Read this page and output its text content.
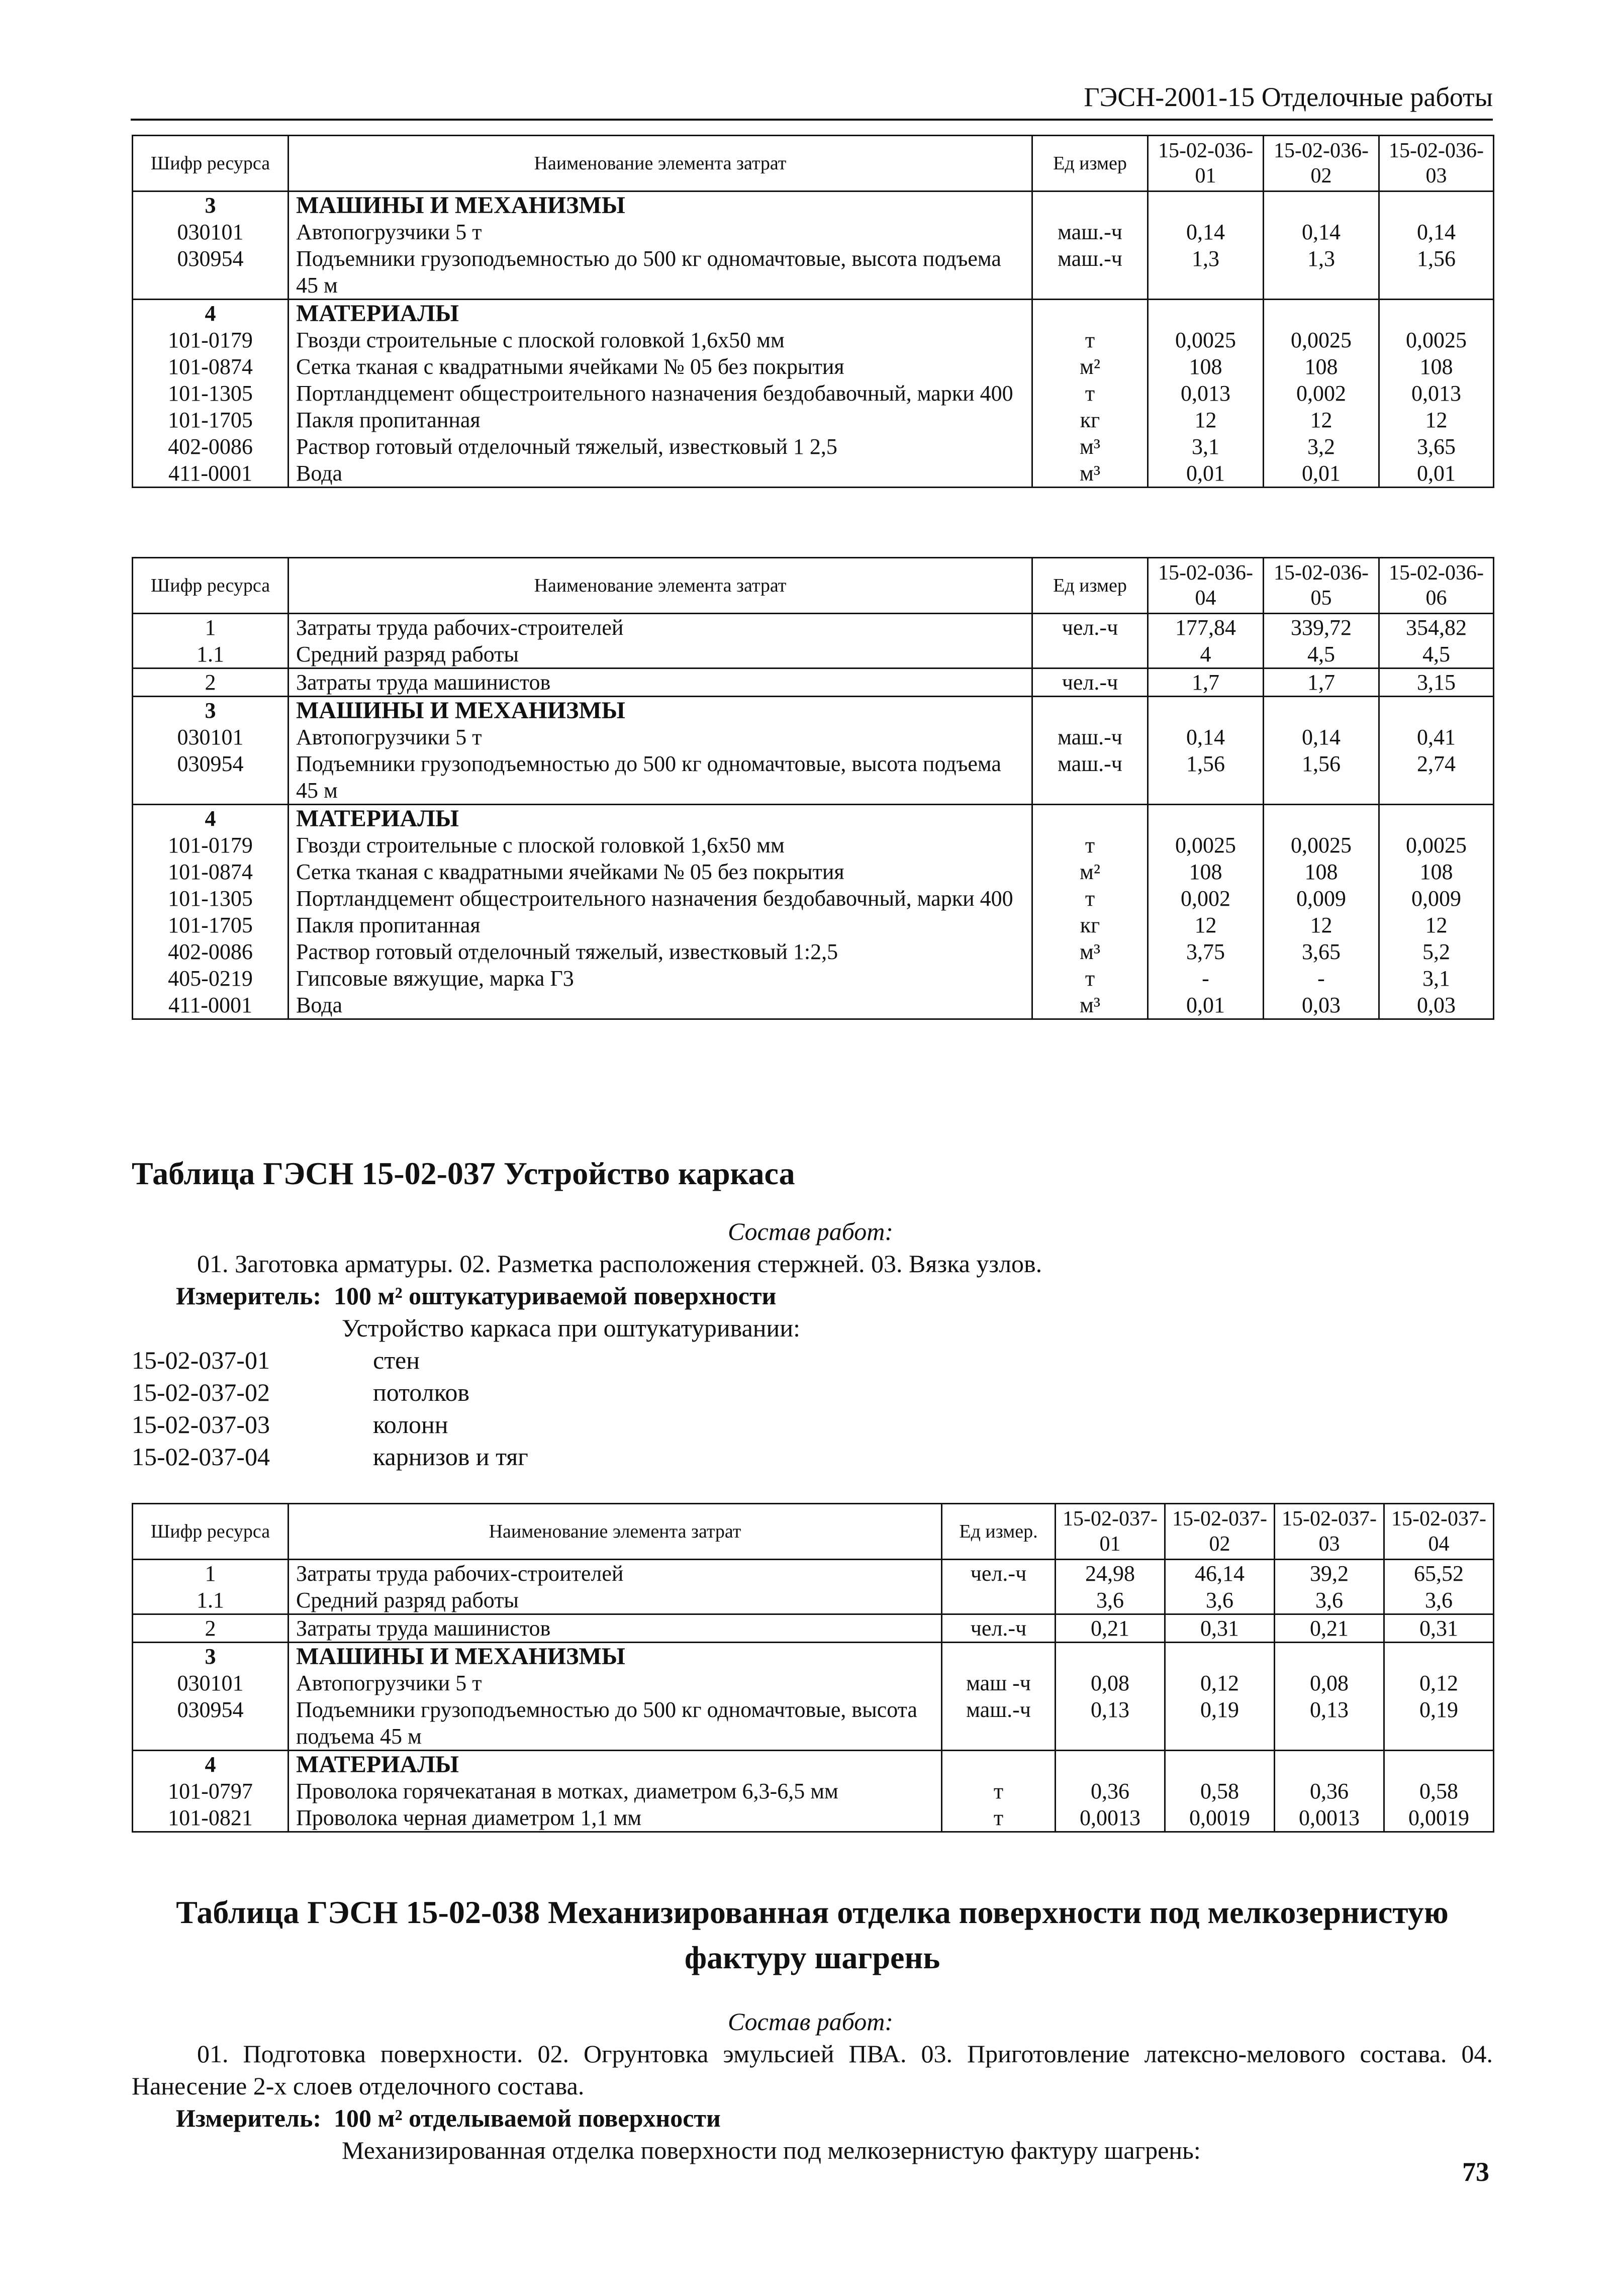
ГЭСН-2001-15 Отделочные работы
Шифр ресурса	Наименование элемента затрат	Ед измер	15-02-036-01	15-02-036-02	15-02-036-03
3	МАШИНЫ И МЕХАНИЗМЫ				
030101	Автопогрузчики 5 т	маш.-ч	0,14	0,14	0,14
030954	Подъемники грузоподъемностью до 500 кг одномачтовые, высота подъема 45 м	маш.-ч	1,3	1,3	1,56
4	МАТЕРИАЛЫ				
101-0179	Гвозди строительные с плоской головкой 1,6х50 мм	т	0,0025	0,0025	0,0025
101-0874	Сетка тканая с квадратными ячейками № 05 без покрытия	м²	108	108	108
101-1305	Портландцемент общестроительного назначения бездобавочный, марки 400	т	0,013	0,002	0,013
101-1705	Пакля пропитанная	кг	12	12	12
402-0086	Раствор готовый отделочный тяжелый, известковый 1 2,5	м³	3,1	3,2	3,65
411-0001	Вода	м³	0,01	0,01	0,01
Шифр ресурса	Наименование элемента затрат	Ед измер	15-02-036-04	15-02-036-05	15-02-036-06
1	Затраты труда рабочих-строителей	чел.-ч	177,84	339,72	354,82
1.1	Средний разряд работы		4	4,5	4,5
2	Затраты труда машинистов	чел.-ч	1,7	1,7	3,15
3	МАШИНЫ И МЕХАНИЗМЫ				
030101	Автопогрузчики 5 т	маш.-ч	0,14	0,14	0,41
030954	Подъемники грузоподъемностью до 500 кг одномачтовые, высота подъема 45 м	маш.-ч	1,56	1,56	2,74
4	МАТЕРИАЛЫ				
101-0179	Гвозди строительные с плоской головкой 1,6х50 мм	т	0,0025	0,0025	0,0025
101-0874	Сетка тканая с квадратными ячейками № 05 без покрытия	м²	108	108	108
101-1305	Портландцемент общестроительного назначения бездобавочный, марки 400	т	0,002	0,009	0,009
101-1705	Пакля пропитанная	кг	12	12	12
402-0086	Раствор готовый отделочный тяжелый, известковый 1:2,5	м³	3,75	3,65	5,2
405-0219	Гипсовые вяжущие, марка Г3	т	-	-	3,1
411-0001	Вода	м³	0,01	0,03	0,03
Таблица ГЭСН 15-02-037 Устройство каркаса
Состав работ:
01. Заготовка арматуры. 02. Разметка расположения стержней. 03. Вязка узлов.
Измеритель: 100 м² оштукатуриваемой поверхности
Устройство каркаса при оштукатуривании:
15-02-037-01	стен
15-02-037-02	потолков
15-02-037-03	колонн
15-02-037-04	карнизов и тяг
Шифр ресурса	Наименование элемента затрат	Ед измер.	15-02-037-01	15-02-037-02	15-02-037-03	15-02-037-04
1	Затраты труда рабочих-строителей	чел.-ч	24,98	46,14	39,2	65,52
1.1	Средний разряд работы		3,6	3,6	3,6	3,6
2	Затраты труда машинистов	чел.-ч	0,21	0,31	0,21	0,31
3	МАШИНЫ И МЕХАНИЗМЫ					
030101	Автопогрузчики 5 т	маш -ч	0,08	0,12	0,08	0,12
030954	Подъемники грузоподъемностью до 500 кг одномачтовые, высота подъема 45 м	маш.-ч	0,13	0,19	0,13	0,19
4	МАТЕРИАЛЫ					
101-0797	Проволока горячекатаная в мотках, диаметром 6,3-6,5 мм	т	0,36	0,58	0,36	0,58
101-0821	Проволока черная диаметром 1,1 мм	т	0,0013	0,0019	0,0013	0,0019
Таблица ГЭСН 15-02-038 Механизированная отделка поверхности под мелкозернистую
фактуру шагрень
Состав работ:
01. Подготовка поверхности. 02. Огрунтовка эмульсией ПВА. 03. Приготовление латексно-мелового состава. 04. Нанесение 2-х слоев отделочного состава.
Измеритель: 100 м² отделываемой поверхности
Механизированная отделка поверхности под мелкозернистую фактуру шагрень:
73
